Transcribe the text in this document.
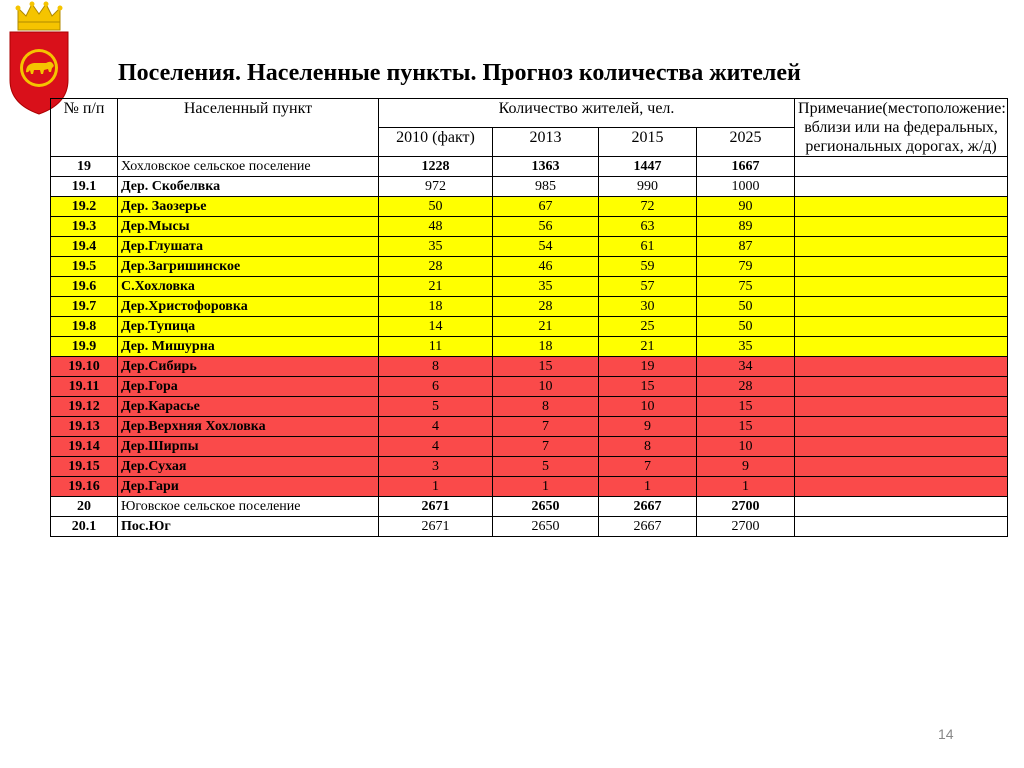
Поселения. Населенные пункты. Прогноз количества жителей
№ п/п	Населенный пункт	Количество жителей, чел.				Примечание(местоположение: вблизи или на федеральных, региональных дорогах, ж/д)
		2010 (факт)	2013	2015	2025	
19	Хохловское сельское поселение	1228	1363	1447	1667	
19.1	Дер. Скобелвка	972	985	990	1000	
19.2	Дер. Заозерье	50	67	72	90	
19.3	Дер.Мысы	48	56	63	89	
19.4	Дер.Глушата	35	54	61	87	
19.5	Дер.Загришинское	28	46	59	79	
19.6	С.Хохловка	21	35	57	75	
19.7	Дер.Христофоровка	18	28	30	50	
19.8	Дер.Тупица	14	21	25	50	
19.9	Дер. Мишурна	11	18	21	35	
19.10	Дер.Сибирь	8	15	19	34	
19.11	Дер.Гора	6	10	15	28	
19.12	Дер.Карасье	5	8	10	15	
19.13	Дер.Верхняя Хохловка	4	7	9	15	
19.14	Дер.Ширпы	4	7	8	10	
19.15	Дер.Сухая	3	5	7	9	
19.16	Дер.Гари	1	1	1	1	
20	Юговское сельское поселение	2671	2650	2667	2700	
20.1	Пос.Юг	2671	2650	2667	2700	
14
